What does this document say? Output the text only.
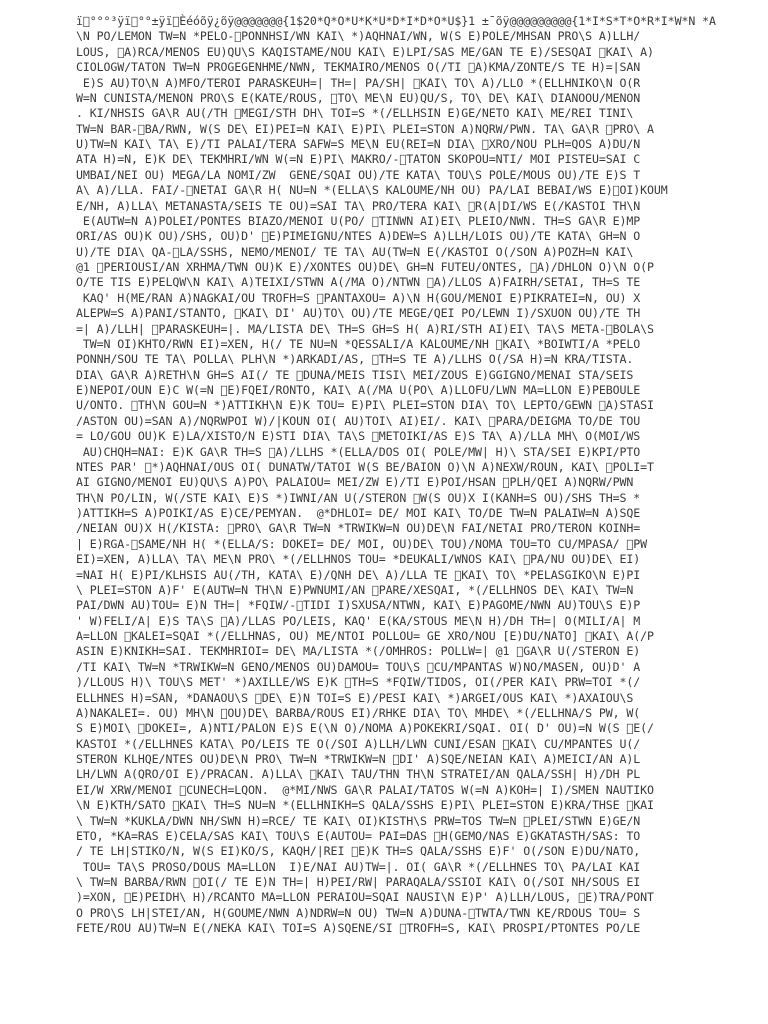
ï °°°³ÿï °°±ÿï Èéóõÿ¿õÿ@@@@@@@{1$20*Q*O*U*K*U*D*I*D*O*U$}1 ±¯õÿ@@@@@@@@@{1*I*S*T*O*R*I*W*N *A
\N PO/LEMON TW=N *PELO- PONNHSI/WN KAI\ *)AQHNAI/WN, W(S E)POLE/MHSAN PRO\S A)LLH/
LOUS,  A)RCA/MENOS EU)QU\S KAQISTAME/NOU KAI\ E)LPI/SAS ME/GAN TE E)/SESQAI  KAI\ A)
CIOLOGW/TATON TW=N PROGEGENHME/NWN, TEKMAIRO/MENOS O(/TI  A)KMA/ZONTE/S TE H)=|SAN
E)S AU)TO\N A)MFO/TEROI PARASKEUH=| TH=| PA/SH|  KAI\ TO\ A)/LLO *(ELLHNIKO\N O(R
W=N CUNISTA/MENON PRO\S E(KATE/ROUS,  TO\ ME\N EU)QU/S, TO\ DE\ KAI\ DIANOOU/MENON
. KI/NHSIS GA\R AU(/TH  MEGI/STH DH\ TOI=S *(/ELLHSIN E)GE/NETO KAI\ ME/REI TINI\
TW=N BAR- BA/RWN, W(S DE\ EI)PEI=N KAI\ E)PI\ PLEI=STON A)NQRW/PWN. TA\ GA\R  PRO\ A
U)TW=N KAI\ TA\ E)/TI PALAI/TERA SAFW=S ME\N EU(REI=N DIA\  XRO/NOU PLH=QOS A)DU/N
ATA H)=N, E)K DE\ TEKMHRI/WN W(=N E)PI\ MAKRO/- TATON SKOPOU=NTI/ MOI PISTEU=SAI C
UMBAI/NEI OU) MEGA/LA NOMI/ZW  GENE/SQAI OU)/TE KATA\ TOU\S POLE/MOUS OU)/TE E)S T
A\ A)/LLA. FAI/- NETAI GA\R H( NU=N *(ELLA\S KALOUME/NH OU) PA/LAI BEBAI/WS E) OI)KOUM
E/NH, A)LLA\ METANASTA/SEIS TE OU)=SAI TA\ PRO/TERA KAI\  R(A|DI/WS E(/KASTOI TH\N
E(AUTW=N A)POLEI/PONTES BIAZO/MENOI U(PO/  TINWN AI)EI\ PLEIO/NWN. TH=S GA\R E)MP
ORI/AS OU)K OU)/SHS, OU)D'  E)PIMEIGNU/NTES A)DEW=S A)LLH/LOIS OU)/TE KATA\ GH=N O
U)/TE DIA\ QA- LA/SSHS, NEMO/MENOI/ TE TA\ AU(TW=N E(/KASTOI O(/SON A)POZH=N KAI\
@1  PERIOUSI/AN XRHMA/TWN OU)K E)/XONTES OU)DE\ GH=N FUTEU/ONTES,  A)/DHLON O)\N O(P
O/TE TIS E)PELQW\N KAI\ A)TEIXI/STWN A(/MA O)/NTWN  A)/LLOS A)FAIRH/SETAI, TH=S TE
KAQ' H(ME/RAN A)NAGKAI/OU TROFH=S  PANTAXOU= A)\N H(GOU/MENOI E)PIKRATEI=N, OU) X
ALEPW=S A)PANI/STANTO,  KAI\ DI' AU)TO\ OU)/TE MEGE/QEI PO/LEWN I)/SXUON OU)/TE TH
=| A)/LLH|  PARASKEUH=|. MA/LISTA DE\ TH=S GH=S H( A)RI/STH AI)EI\ TA\S META- BOLA\S
TW=N OI)KHTO/RWN EI)=XEN, H(/ TE NU=N *QESSALI/A KALOUME/NH  KAI\ *BOIWTI/A *PELO
PONNH/SOU TE TA\ POLLA\ PLH\N *)ARKADI/AS,  TH=S TE A)/LLHS O(/SA H)=N KRA/TISTA.
DIA\ GA\R A)RETH\N GH=S AI(/ TE  DUNA/MEIS TISI\ MEI/ZOUS E)GGIGNO/MENAI STA/SEIS
E)NEPOI/OUN E)C W(=N  E)FQEI/RONTO, KAI\ A(/MA U(PO\ A)LLOFU/LWN MA=LLON E)PEBOULE
U/ONTO.  TH\N GOU=N *)ATTIKH\N E)K TOU= E)PI\ PLEI=STON DIA\ TO\ LEPTO/GEWN  A)STASI
/ASTON OU)=SAN A)/NQRWPOI W)/|KOUN OI( AU)TOI\ AI)EI/. KAI\  PARA/DEIGMA TO/DE TOU
= LO/GOU OU)K E)LA/XISTO/N E)STI DIA\ TA\S  METOIKI/AS E)S TA\ A)/LLA MH\ O(MOI/WS
AU)CHQH=NAI: E)K GA\R TH=S  A)/LLHS *(ELLA/DOS OI( POLE/MW| H)\ STA/SEI E)KPI/PTO
NTES PAR'  *)AQHNAI/OUS OI( DUNATW/TATOI W(S BE/BAION O)\N A)NEXW/ROUN, KAI\  POLI=T
AI GIGNO/MENOI EU)QU\S A)PO\ PALAIOU= MEI/ZW E)/TI E)POI/HSAN  PLH/QEI A)NQRW/PWN
TH\N PO/LIN, W(/STE KAI\ E)S *)IWNI/AN U(/STERON  W(S OU)X I(KANH=S OU)/SHS TH=S *
)ATTIKH=S A)POIKI/AS E)CE/PEMYAN.  @*DHLOI= DE/ MOI KAI\ TO/DE TW=N PALAIW=N A)SQE
/NEIAN OU)X H(/KISTA:  PRO\ GA\R TW=N *TRWIKW=N OU)DE\N FAI/NETAI PRO/TERON KOINH=
| E)RGA- SAME/NH H( *(ELLA/S: DOKEI= DE/ MOI, OU)DE\ TOU)/NOMA TOU=TO CU/MPASA/  PW
EI)=XEN, A)LLA\ TA\ ME\N PRO\ *(/ELLHNOS TOU= *DEUKALI/WNOS KAI\  PA/NU OU)DE\ EI)
=NAI H( E)PI/KLHSIS AU(/TH, KATA\ E)/QNH DE\ A)/LLA TE  KAI\ TO\ *PELASGIKO\N E)PI
\ PLEI=STON A)F' E(AUTW=N TH\N E)PWNUMI/AN  PARE/XESQAI, *(/ELLHNOS DE\ KAI\ TW=N
PAI/DWN AU)TOU= E)N TH=| *FQIW/- TIDI I)SXUSA/NTWN, KAI\ E)PAGOME/NWN AU)TOU\S E)P
' W)FELI/A| E)S TA\S  A)/LLAS PO/LEIS, KAQ' E(KA/STOUS ME\N H)/DH TH=| O(MILI/A| M
A=LLON  KALEI=SQAI *(/ELLHNAS, OU) ME/NTOI POLLOU= GE XRO/NOU [E)DU/NATO]  KAI\ A(/P
ASIN E)KNIKH=SAI. TEKMHRIOI= DE\ MA/LISTA *(/OMHROS: POLLW=| @1  GA\R U(/STERON E)
/TI KAI\ TW=N *TRWIKW=N GENO/MENOS OU)DAMOU= TOU\S  CU/MPANTAS W)NO/MASEN, OU)D' A
)/LLOUS H)\ TOU\S MET' *)AXILLE/WS E)K  TH=S *FQIW/TIDOS, OI(/PER KAI\ PRW=TOI *(/
ELLHNES H)=SAN, *DANAOU\S  DE\ E)N TOI=S E)/PESI KAI\ *)ARGEI/OUS KAI\ *)AXAIOU\S
A)NAKALEI=. OU) MH\N  OU)DE\ BARBA/ROUS EI)/RHKE DIA\ TO\ MHDE\ *(/ELLHNA/S PW, W(
S E)MOI\  DOKEI=, A)NTI/PALON E)S E(\N O)/NOMA A)POKEKRI/SQAI. OI( D' OU)=N W(S  E(/
KASTOI *(/ELLHNES KATA\ PO/LEIS TE O(/SOI A)LLH/LWN CUNI/ESAN  KAI\ CU/MPANTES U(/
STERON KLHQE/NTES OU)DE\N PRO\ TW=N *TRWIKW=N  DI' A)SQE/NEIAN KAI\ A)MEICI/AN A)L
LH/LWN A(QRO/OI E)/PRACAN. A)LLA\  KAI\ TAU/THN TH\N STRATEI/AN QALA/SSH| H)/DH PL
EI/W XRW/MENOI  CUNECH=LQON.  @*MI/NWS GA\R PALAI/TATOS W(=N A)KOH=| I)/SMEN NAUTIKO
\N E)KTH/SATO  KAI\ TH=S NU=N *(ELLHNIKH=S QALA/SSHS E)PI\ PLEI=STON E)KRA/THSE  KAI
\ TW=N *KUKLA/DWN NH/SWN H)=RCE/ TE KAI\ OI)KISTH\S PRW=TOS TW=N  PLEI/STWN E)GE/N
ETO, *KA=RAS E)CELA/SAS KAI\ TOU\S E(AUTOU= PAI=DAS  H(GEMO/NAS E)GKATASTH/SAS: TO
/ TE LH|STIKO/N, W(S EI)KO/S, KAQH/|REI  E)K TH=S QALA/SSHS E)F' O(/SON E)DU/NATO,
TOU= TA\S PROSO/DOUS MA=LLON  I)E/NAI AU)TW=|. OI( GA\R *(/ELLHNES TO\ PA/LAI KAI
\ TW=N BARBA/RWN  OI(/ TE E)N TH=| H)PEI/RW| PARAQALA/SSIOI KAI\ O(/SOI NH/SOUS EI
)=XON,  E)PEIDH\ H)/RCANTO MA=LLON PERAIOU=SQAI NAUSI\N E)P' A)LLH/LOUS,  E)TRA/PONT
O PRO\S LH|STEI/AN, H(GOUME/NWN A)NDRW=N OU) TW=N A)DUNA- TWTA/TWN KE/RDOUS TOU= S
FETE/ROU AU)TW=N E(/NEKA KAI\ TOI=S A)SQENE/SI  TROFH=S, KAI\ PROSPI/PTONTES PO/LE
